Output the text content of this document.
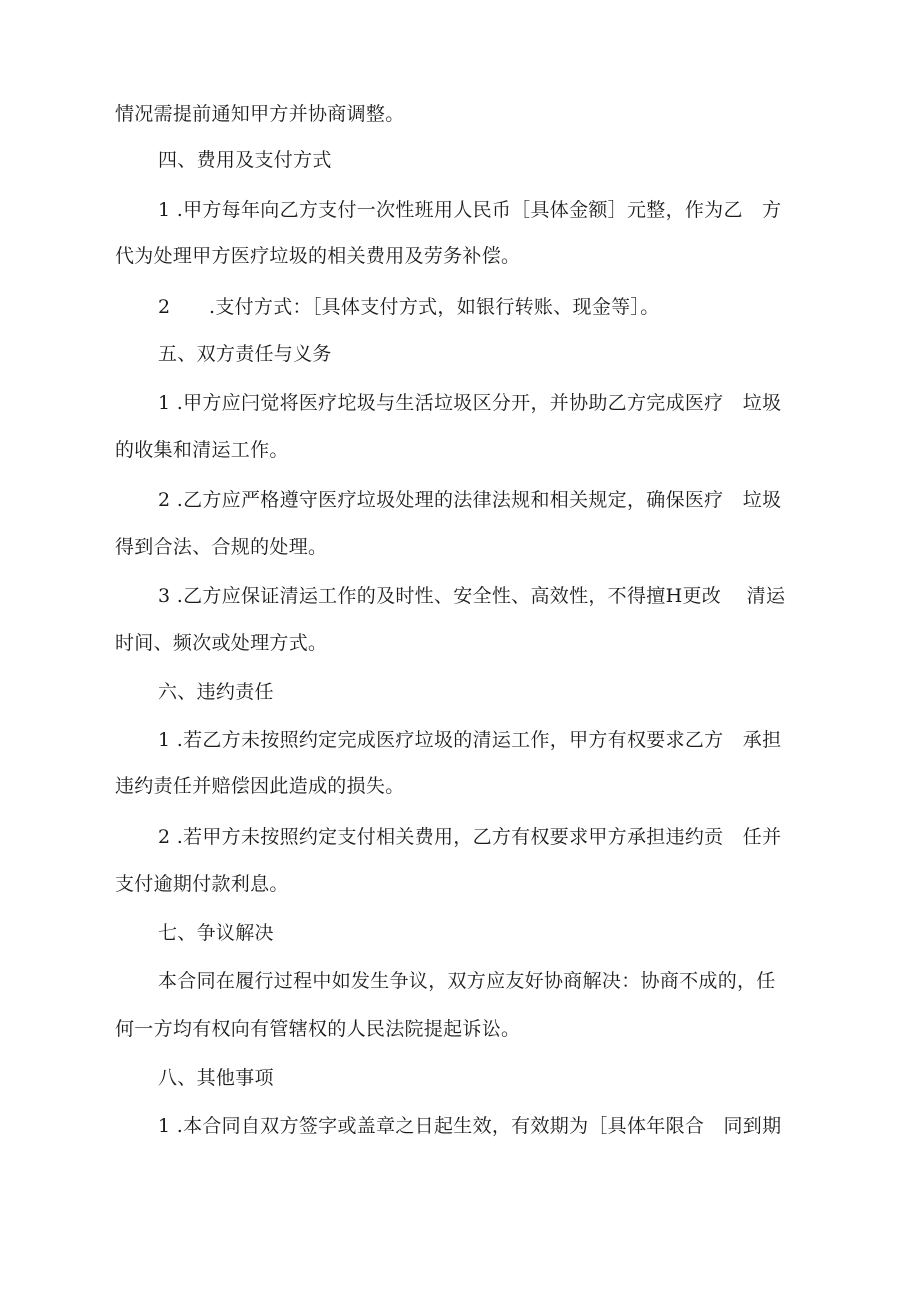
情况需提前通知甲方并协商调整。
四、费用及支付方式
1 .甲方每年向乙方支付一次性班用人民币［具体金额］元整，作为乙　方
代为处理甲方医疗垃圾的相关费用及劳务补偿。
2　　.支付方式：［具体支付方式，如银行转账、现金等］。
五、双方责任与义务
1 .甲方应闩觉将医疗坨圾与生活垃圾区分开，并协助乙方完成医疗　垃圾
的收集和清运工作。
2 .乙方应严格遵守医疗垃圾处理的法律法规和相关规定，确保医疗　垃圾
得到合法、合规的处理。
3 .乙方应保证清运工作的及时性、安全性、高效性，不得擅H更改　 清运
时间、频次或处理方式。
六、违约责任
1 .若乙方未按照约定完成医疗垃圾的清运工作，甲方有权要求乙方　承担
违约责任并赔偿因此造成的损失。
2 .若甲方未按照约定支付相关费用，乙方有权要求甲方承担违约贡　任并
支付逾期付款利息。
七、争议解决
本合同在履行过程中如发生争议，双方应友好协商解决：协商不成的，任
何一方均有权向有管辖权的人民法院提起诉讼。
八、其他事项
1 .本合同自双方签字或盖章之日起生效，有效期为［具体年限合　同到期
